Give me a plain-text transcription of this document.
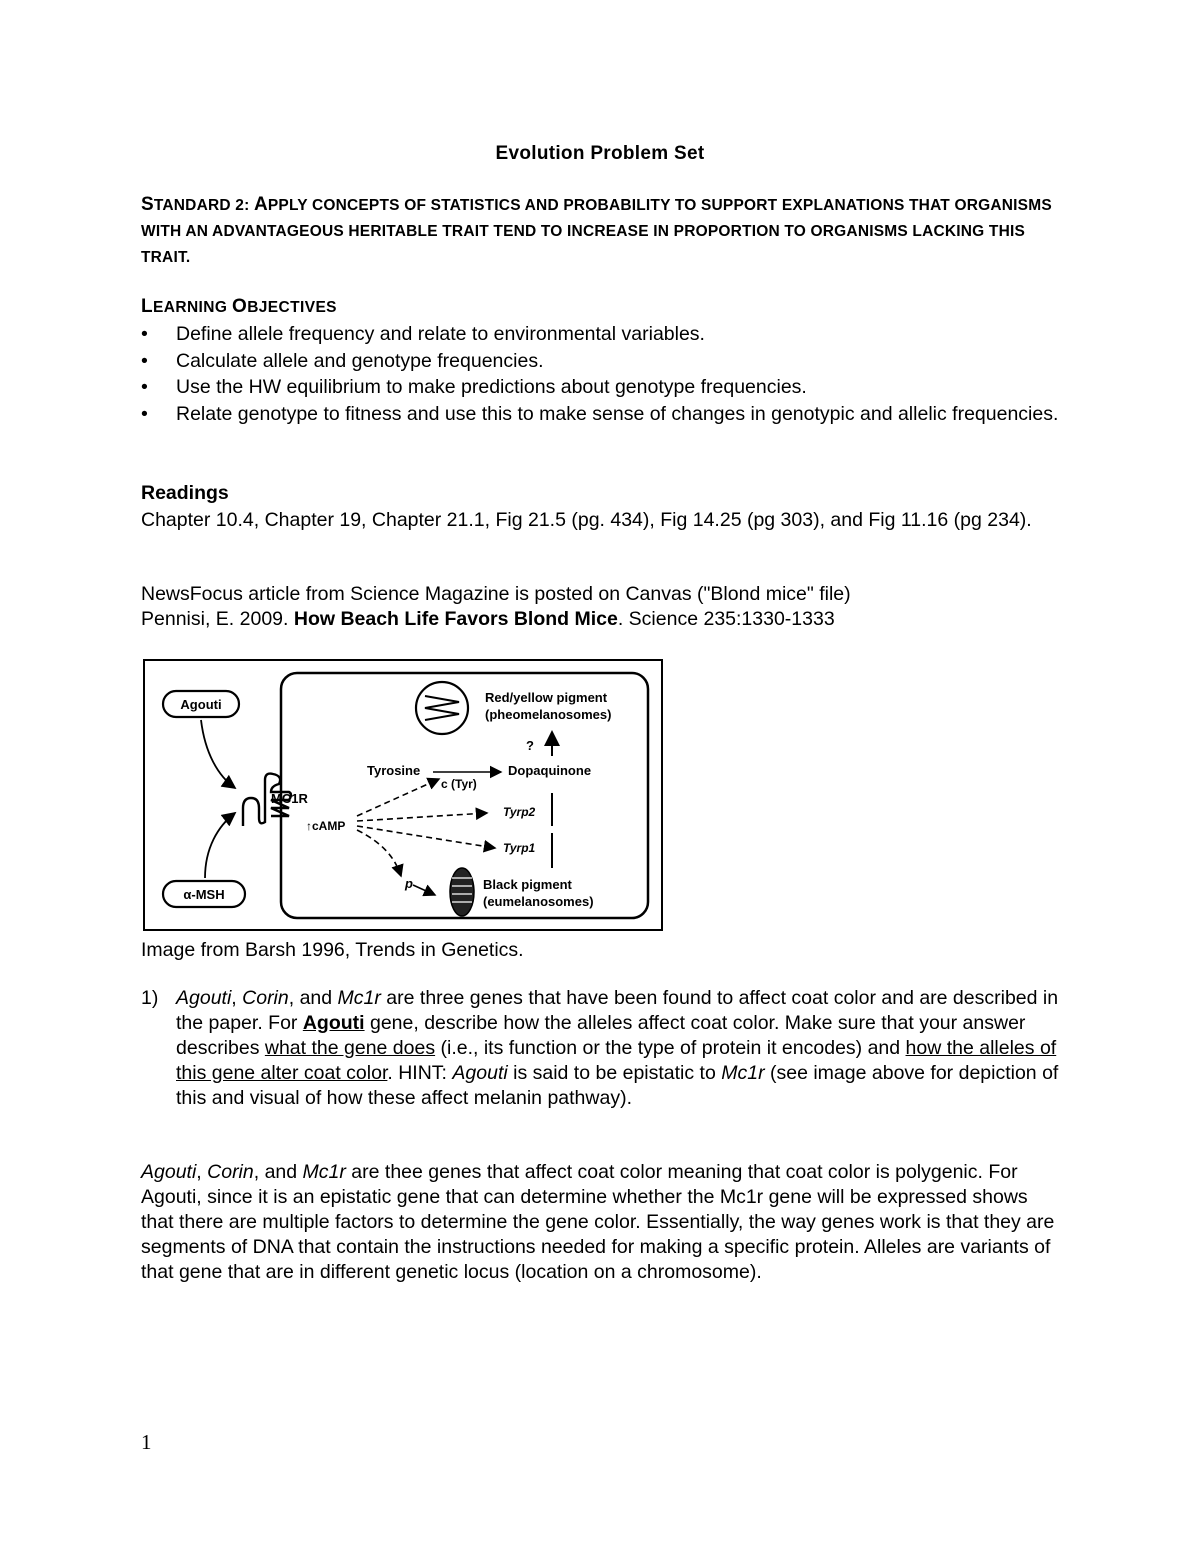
Evolution Problem Set
STANDARD 2: APPLY CONCEPTS OF STATISTICS AND PROBABILITY TO SUPPORT EXPLANATIONS THAT ORGANISMS WITH AN ADVANTAGEOUS HERITABLE TRAIT TEND TO INCREASE IN PROPORTION TO ORGANISMS LACKING THIS TRAIT.
LEARNING OBJECTIVES
• Define allele frequency and relate to environmental variables.
• Calculate allele and genotype frequencies.
• Use the HW equilibrium to make predictions about genotype frequencies.
• Relate genotype to fitness and use this to make sense of changes in genotypic and allelic frequencies.
Readings
Chapter 10.4, Chapter 19, Chapter 21.1, Fig 21.5 (pg. 434), Fig 14.25 (pg 303), and Fig 11.16 (pg 234).
NewsFocus article from Science Magazine is posted on Canvas ("Blond mice" file)
Pennisi, E. 2009. How Beach Life Favors Blond Mice. Science 235:1330-1333
Agouti
α-MSH
MC1R
↑cAMP
p
Tyrosine
c (Tyr)
Dopaquinone
Red/yellow pigment
(pheomelanosomes)
?
Tyrp2
Tyrp1
Black pigment
(eumelanosomes)
Image from Barsh 1996, Trends in Genetics.
1) Agouti, Corin, and Mc1r are three genes that have been found to affect coat color and are described in the paper. For Agouti gene, describe how the alleles affect coat color. Make sure that your answer describes what the gene does (i.e., its function or the type of protein it encodes) and how the alleles of this gene alter coat color. HINT: Agouti is said to be epistatic to Mc1r (see image above for depiction of this and visual of how these affect melanin pathway).
Agouti, Corin, and Mc1r are thee genes that affect coat color meaning that coat color is polygenic. For Agouti, since it is an epistatic gene that can determine whether the Mc1r gene will be expressed shows that there are multiple factors to determine the gene color. Essentially, the way genes work is that they are segments of DNA that contain the instructions needed for making a specific protein. Alleles are variants of that gene that are in different genetic locus (location on a chromosome).
1
